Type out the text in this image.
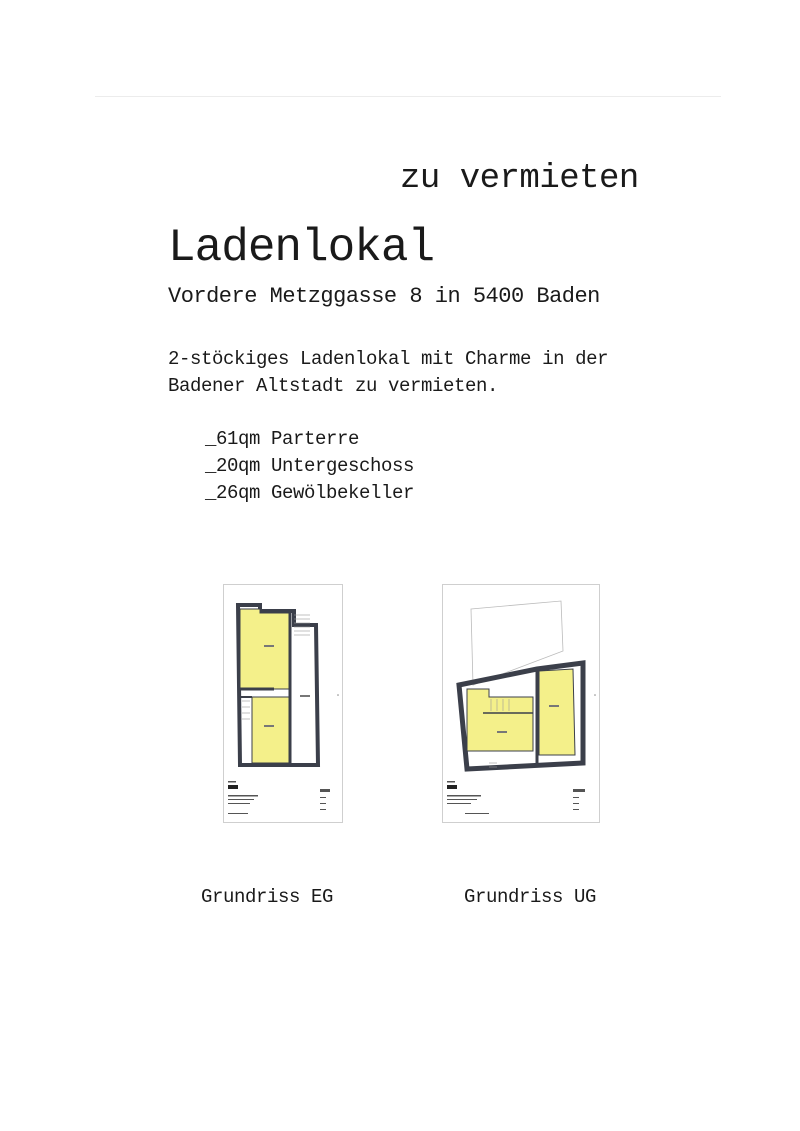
zu vermieten
Ladenlokal
Vordere Metzggasse 8 in 5400 Baden
2-stöckiges Ladenlokal mit Charme in der Badener Altstadt zu vermieten.
_61qm Parterre
_20qm Untergeschoss
_26qm Gewölbekeller
Grundriss EG	Grundriss UG
